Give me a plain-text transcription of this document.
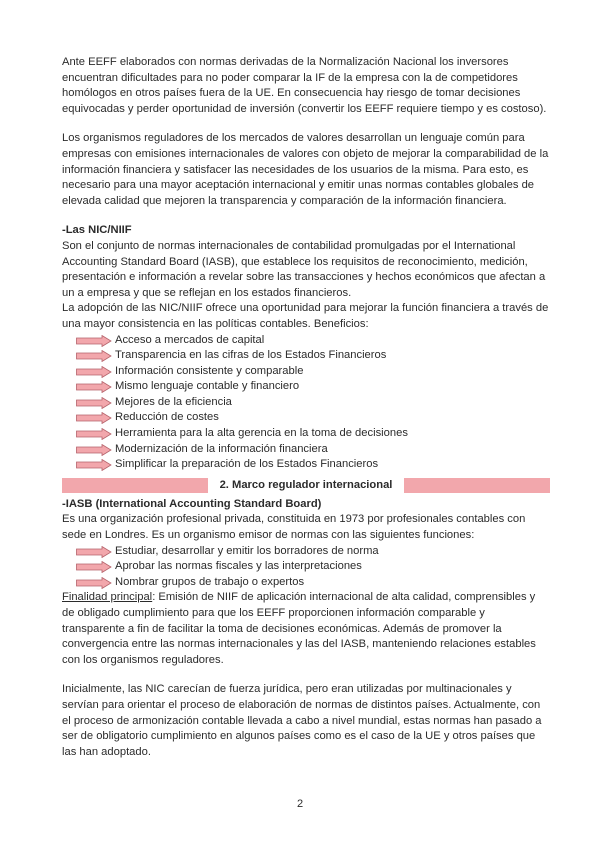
Ante EEFF elaborados con normas derivadas de la Normalización Nacional los inversores encuentran dificultades para no poder comparar la IF de la empresa con la de competidores homólogos en otros países fuera de la UE. En consecuencia hay riesgo de tomar decisiones equivocadas y perder oportunidad de inversión (convertir los EEFF requiere tiempo y es costoso).

Los organismos reguladores de los mercados de valores desarrollan un lenguaje común para empresas con emisiones internacionales de valores con objeto de mejorar la comparabilidad de la información financiera y satisfacer las necesidades de los usuarios de la misma. Para esto, es necesario para una mayor aceptación internacional y emitir unas normas contables globales de elevada calidad que mejoren la transparencia y comparación de la información financiera.

-Las NIC/NIIF

Son el conjunto de normas internacionales de contabilidad promulgadas por el International Accounting Standard Board (IASB), que establece los requisitos de reconocimiento, medición, presentación e información a revelar sobre las transacciones y hechos económicos que afectan a un a empresa y que se reflejan en los estados financieros.

La adopción de las NIC/NIIF ofrece una oportunidad para mejorar la función financiera a través de una mayor consistencia en las políticas contables. Beneficios:

Acceso a mercados de capital
Transparencia en las cifras de los Estados Financieros
Información consistente y comparable
Mismo lenguaje contable y financiero
Mejores de la eficiencia
Reducción de costes
Herramienta para la alta gerencia en la toma de decisiones
Modernización de la información financiera
Simplificar la preparación de los Estados Financieros
2. Marco regulador internacional

-IASB (International Accounting Standard Board)

Es una organización profesional privada, constituida en 1973 por profesionales contables con sede en Londres. Es un organismo emisor de normas con las siguientes funciones:

Estudiar, desarrollar y emitir los borradores de norma
Aprobar las normas fiscales y las interpretaciones
Nombrar grupos de trabajo o expertos

Finalidad principal: Emisión de NIIF de aplicación internacional de alta calidad, comprensibles y de obligado cumplimiento para que los EEFF proporcionen información comparable y transparente a fin de facilitar la toma de decisiones económicas. Además de promover la convergencia entre las normas internacionales y las del IASB, manteniendo relaciones estables con los organismos reguladores.

Inicialmente, las NIC carecían de fuerza jurídica, pero eran utilizadas por multinacionales y servían para orientar el proceso de elaboración de normas de distintos países. Actualmente, con el proceso de armonización contable llevada a cabo a nivel mundial, estas normas han pasado a ser de obligatorio cumplimiento en algunos países como es el caso de la UE y otros países que las han adoptado.

2
